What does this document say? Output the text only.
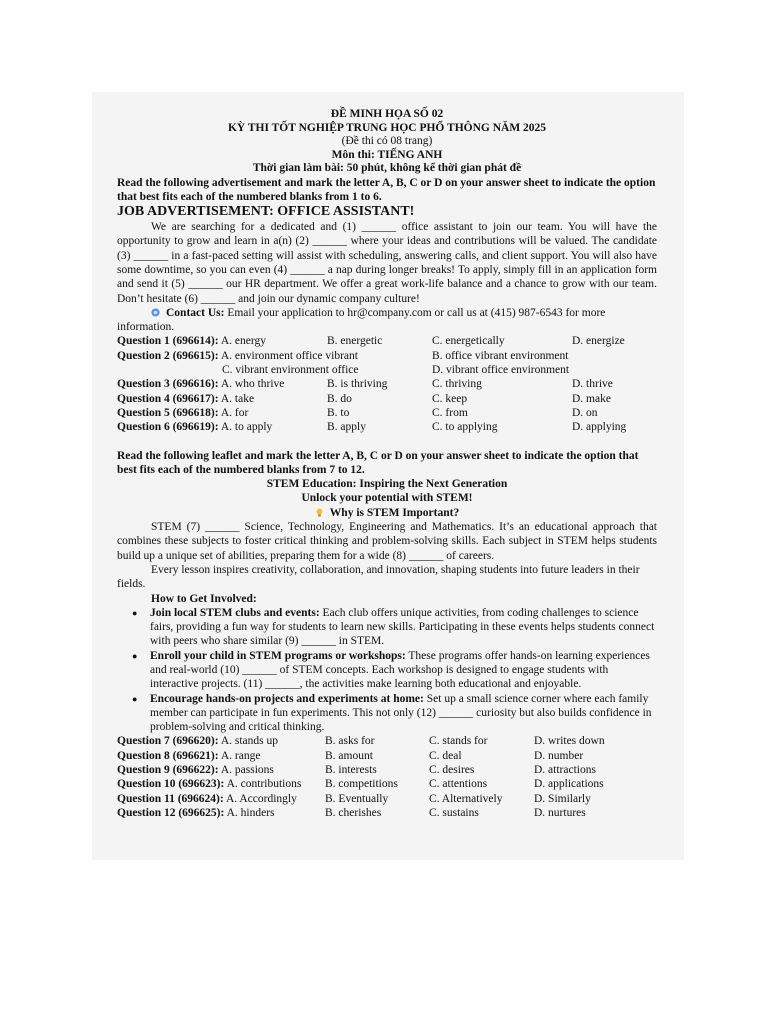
ĐỀ MINH HỌA SỐ 02
KỲ THI TỐT NGHIỆP TRUNG HỌC PHỔ THÔNG NĂM 2025
(Đề thi có 08 trang)
Môn thi: TIẾNG ANH
Thời gian làm bài: 50 phút, không kể thời gian phát đề
Read the following advertisement and mark the letter A, B, C or D on your answer sheet to indicate the option that best fits each of the numbered blanks from 1 to 6.
JOB ADVERTISEMENT: OFFICE ASSISTANT!
We are searching for a dedicated and (1) ______ office assistant to join our team. You will have the opportunity to grow and learn in a(n) (2) ______ where your ideas and contributions will be valued. The candidate (3) ______ in a fast-paced setting will assist with scheduling, answering calls, and client support. You will also have some downtime, so you can even (4) ______ a nap during longer breaks! To apply, simply fill in an application form and send it (5) ______ our HR department. We offer a great work-life balance and a chance to grow with our team. Don’t hesitate (6) ______ and join our dynamic company culture!
Contact Us: Email your application to hr@company.com or call us at (415) 987-6543 for more information.
Question 1 (696614): A. energy	B. energetic	C. energetically	D. energize
Question 2 (696615): A. environment office vibrant	B. office vibrant environment
C. vibrant environment office	D. vibrant office environment
Question 3 (696616): A. who thrive	B. is thriving	C. thriving	D. thrive
Question 4 (696617): A. take	B. do	C. keep	D. make
Question 5 (696618): A. for	B. to	C. from	D. on
Question 6 (696619): A. to apply	B. apply	C. to applying	D. applying
Read the following leaflet and mark the letter A, B, C or D on your answer sheet to indicate the option that best fits each of the numbered blanks from 7 to 12.
STEM Education: Inspiring the Next Generation
Unlock your potential with STEM!
Why is STEM Important?
STEM (7) ______ Science, Technology, Engineering and Mathematics. It’s an educational approach that combines these subjects to foster critical thinking and problem-solving skills. Each subject in STEM helps students build up a unique set of abilities, preparing them for a wide (8) ______ of careers.
Every lesson inspires creativity, collaboration, and innovation, shaping students into future leaders in their fields.
How to Get Involved:
● Join local STEM clubs and events: Each club offers unique activities, from coding challenges to science fairs, providing a fun way for students to learn new skills. Participating in these events helps students connect with peers who share similar (9) ______ in STEM.
● Enroll your child in STEM programs or workshops: These programs offer hands-on learning experiences and real-world (10) ______ of STEM concepts. Each workshop is designed to engage students with interactive projects. (11) ______, the activities make learning both educational and enjoyable.
● Encourage hands-on projects and experiments at home: Set up a small science corner where each family member can participate in fun experiments. This not only (12) ______ curiosity but also builds confidence in problem-solving and critical thinking.
Question 7 (696620): A. stands up	B. asks for	C. stands for	D. writes down
Question 8 (696621): A. range	B. amount	C. deal	D. number
Question 9 (696622): A. passions	B. interests	C. desires	D. attractions
Question 10 (696623): A. contributions	B. competitions	C. attentions	D. applications
Question 11 (696624): A. Accordingly	B. Eventually	C. Alternatively	D. Similarly
Question 12 (696625): A. hinders	B. cherishes	C. sustains	D. nurtures
